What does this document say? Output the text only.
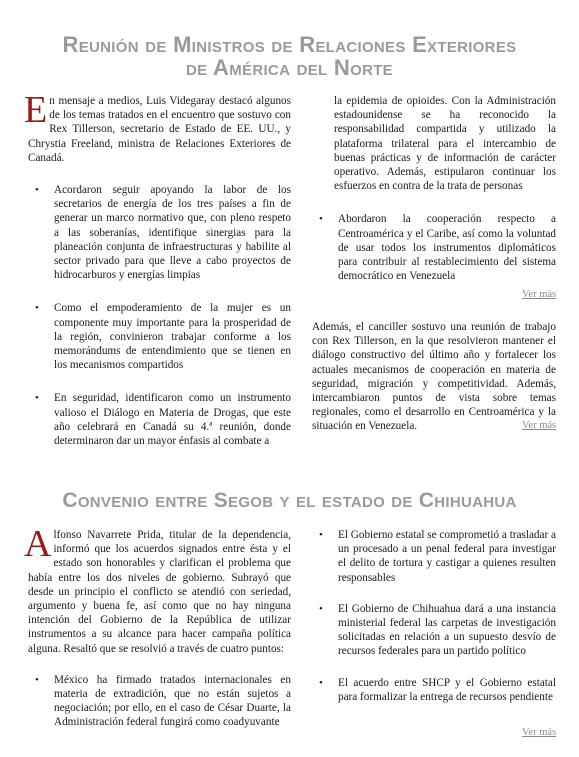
Reunión de Ministros de Relaciones Exteriores
de América del Norte

En mensaje a medios, Luis Videgaray destacó algunos de los temas tratados en el encuentro que sostuvo con Rex Tillerson, secretario de Estado de EE. UU., y Chrystia Freeland, ministra de Relaciones Exteriores de Canadá.

• Acordaron seguir apoyando la labor de los secretarios de energía de los tres países a fin de generar un marco normativo que, con pleno respeto a las soberanías, identifique sinergias para la planeación conjunta de infraestructuras y habilite al sector privado para que lleve a cabo proyectos de hidrocarburos y energías limpias
• Como el empoderamiento de la mujer es un componente muy importante para la prosperidad de la región, convinieron trabajar conforme a los memorándums de entendimiento que se tienen en los mecanismos compartidos
• En seguridad, identificaron como un instrumento valioso el Diálogo en Materia de Drogas, que este año celebrará en Canadá su 4.ª reunión, donde determinaron dar un mayor énfasis al combate a

la epidemia de opioides. Con la Administración estadounidense se ha reconocido la responsabilidad compartida y utilizado la plataforma trilateral para el intercambio de buenas prácticas y de información de carácter operativo. Además, estipularon continuar los esfuerzos en contra de la trata de personas

• Abordaron la cooperación respecto a Centroamérica y el Caribe, así como la voluntad de usar todos los instrumentos diplomáticos para contribuir al restablecimiento del sistema democrático en Venezuela
Ver más

Además, el canciller sostuvo una reunión de trabajo con Rex Tillerson, en la que resolvieron mantener el diálogo constructivo del último año y fortalecer los actuales mecanismos de cooperación en materia de seguridad, migración y competitividad. Además, intercambiaron puntos de vista sobre temas regionales, como el desarrollo en Centroamérica y la situación en Venezuela.	Ver más
Convenio entre Segob y el estado de Chihuahua

Alfonso Navarrete Prida, titular de la dependencia, informó que los acuerdos signados entre ésta y el estado son honorables y clarifican el problema que había entre los dos niveles de gobierno. Subrayó que desde un principio el conflicto se atendió con seriedad, argumento y buena fe, así como que no hay ninguna intención del Gobierno de la República de utilizar instrumentos a su alcance para hacer campaña política alguna. Resaltó que se resolvió a través de cuatro puntos:

• México ha firmado tratados internacionales en materia de extradición, que no están sujetos a negociación; por ello, en el caso de César Duarte, la Administración federal fungirá como coadyuvante
• El Gobierno estatal se comprometió a trasladar a un procesado a un penal federal para investigar el delito de tortura y castigar a quienes resulten responsables
• El Gobierno de Chihuahua dará a una instancia ministerial federal las carpetas de investigación solicitadas en relación a un supuesto desvío de recursos federales para un partido político
• El acuerdo entre SHCP y el Gobierno estatal para formalizar la entrega de recursos pendiente
Ver más
